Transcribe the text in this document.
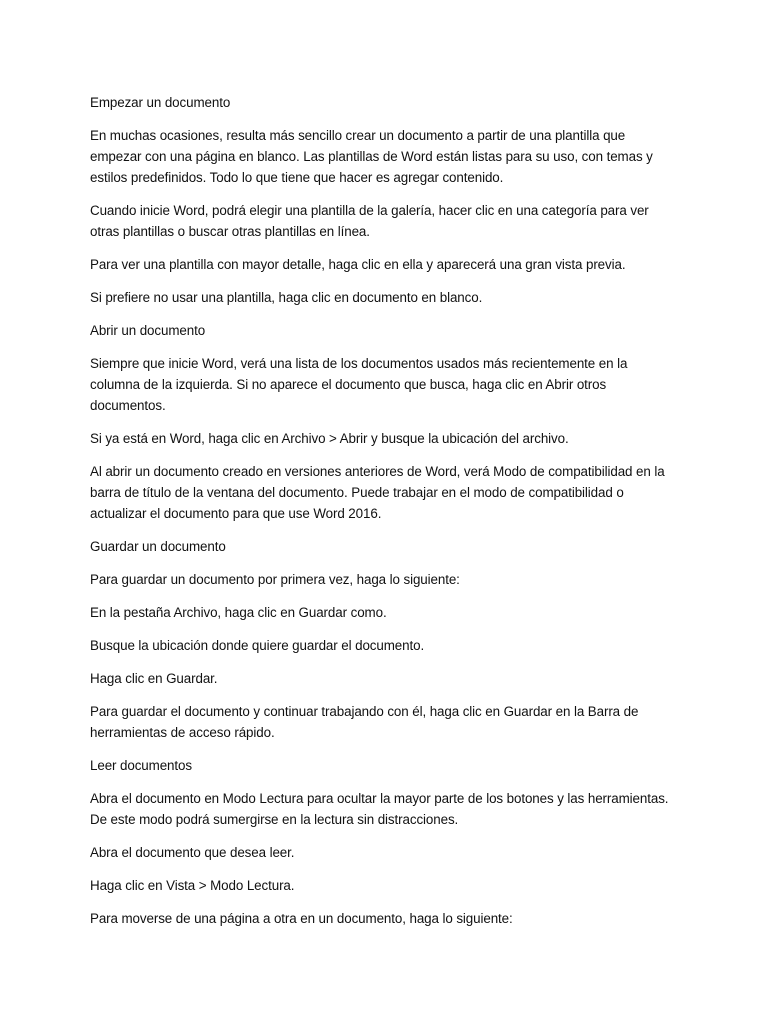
Empezar un documento

En muchas ocasiones, resulta más sencillo crear un documento a partir de una plantilla que empezar con una página en blanco. Las plantillas de Word están listas para su uso, con temas y estilos predefinidos. Todo lo que tiene que hacer es agregar contenido.

Cuando inicie Word, podrá elegir una plantilla de la galería, hacer clic en una categoría para ver otras plantillas o buscar otras plantillas en línea.

Para ver una plantilla con mayor detalle, haga clic en ella y aparecerá una gran vista previa.

Si prefiere no usar una plantilla, haga clic en documento en blanco.

Abrir un documento

Siempre que inicie Word, verá una lista de los documentos usados más recientemente en la columna de la izquierda. Si no aparece el documento que busca, haga clic en Abrir otros documentos.

Si ya está en Word, haga clic en Archivo > Abrir y busque la ubicación del archivo.

Al abrir un documento creado en versiones anteriores de Word, verá Modo de compatibilidad en la barra de título de la ventana del documento. Puede trabajar en el modo de compatibilidad o actualizar el documento para que use Word 2016.

Guardar un documento

Para guardar un documento por primera vez, haga lo siguiente:

En la pestaña Archivo, haga clic en Guardar como.

Busque la ubicación donde quiere guardar el documento.

Haga clic en Guardar.

Para guardar el documento y continuar trabajando con él, haga clic en Guardar en la Barra de herramientas de acceso rápido.

Leer documentos

Abra el documento en Modo Lectura para ocultar la mayor parte de los botones y las herramientas. De este modo podrá sumergirse en la lectura sin distracciones.

Abra el documento que desea leer.

Haga clic en Vista > Modo Lectura.

Para moverse de una página a otra en un documento, haga lo siguiente:
